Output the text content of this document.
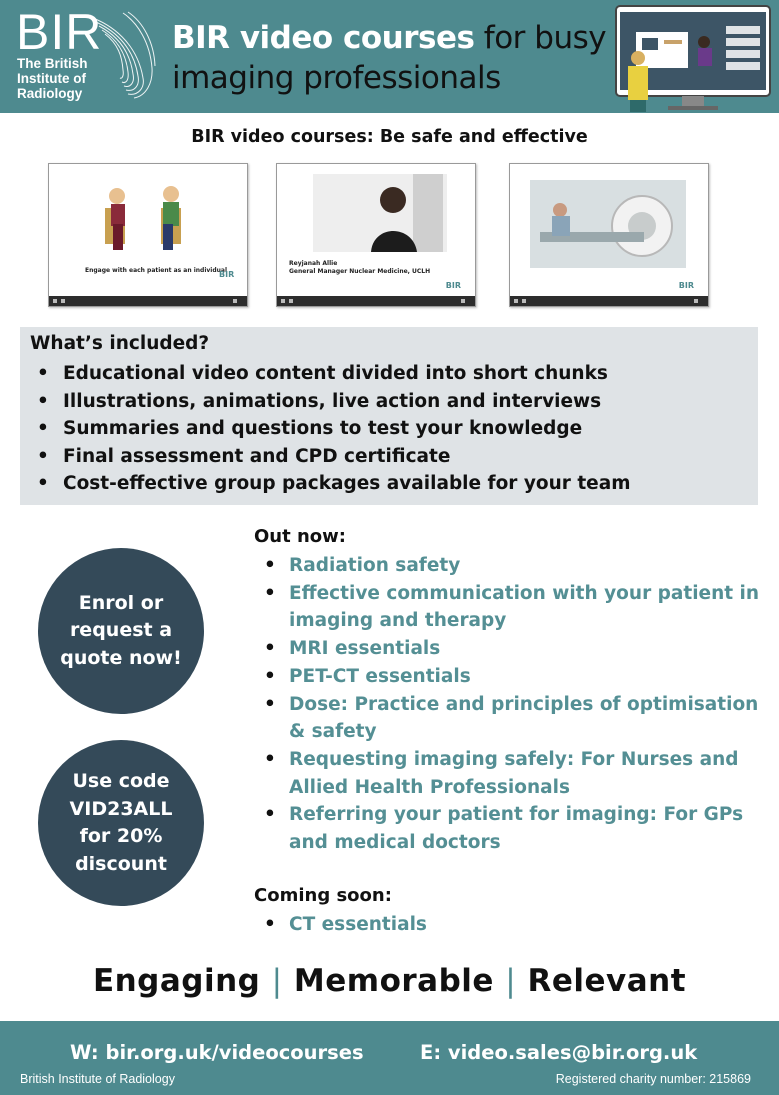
BIR
The British
Institute of
Radiology
BIR video courses for busy
imaging professionals
BIR video courses: Be safe and effective
Engage with each patient as an individual
Reyjanah Allie
General Manager Nuclear Medicine, UCLH
BIR	BIR
BIR
What’s included?
• Educational video content divided into short chunks
• Illustrations, animations, live action and interviews
• Summaries and questions to test your knowledge
• Final assessment and CPD certificate
• Cost-effective group packages available for your team
Enrol or
request a
quote now!
Use code
VID23ALL
for 20%
discount
Out now:
• Radiation safety
• Effective communication with your patient in imaging and therapy
• MRI essentials
• PET-CT essentials
• Dose: Practice and principles of optimisation & safety
• Requesting imaging safely: For Nurses and Allied Health Professionals
• Referring your patient for imaging: For GPs and medical doctors
Coming soon:
• CT essentials
Engaging | Memorable | Relevant
W: bir.org.uk/videocourses	E: video.sales@bir.org.uk
British Institute of Radiology	Registered charity number: 215869
